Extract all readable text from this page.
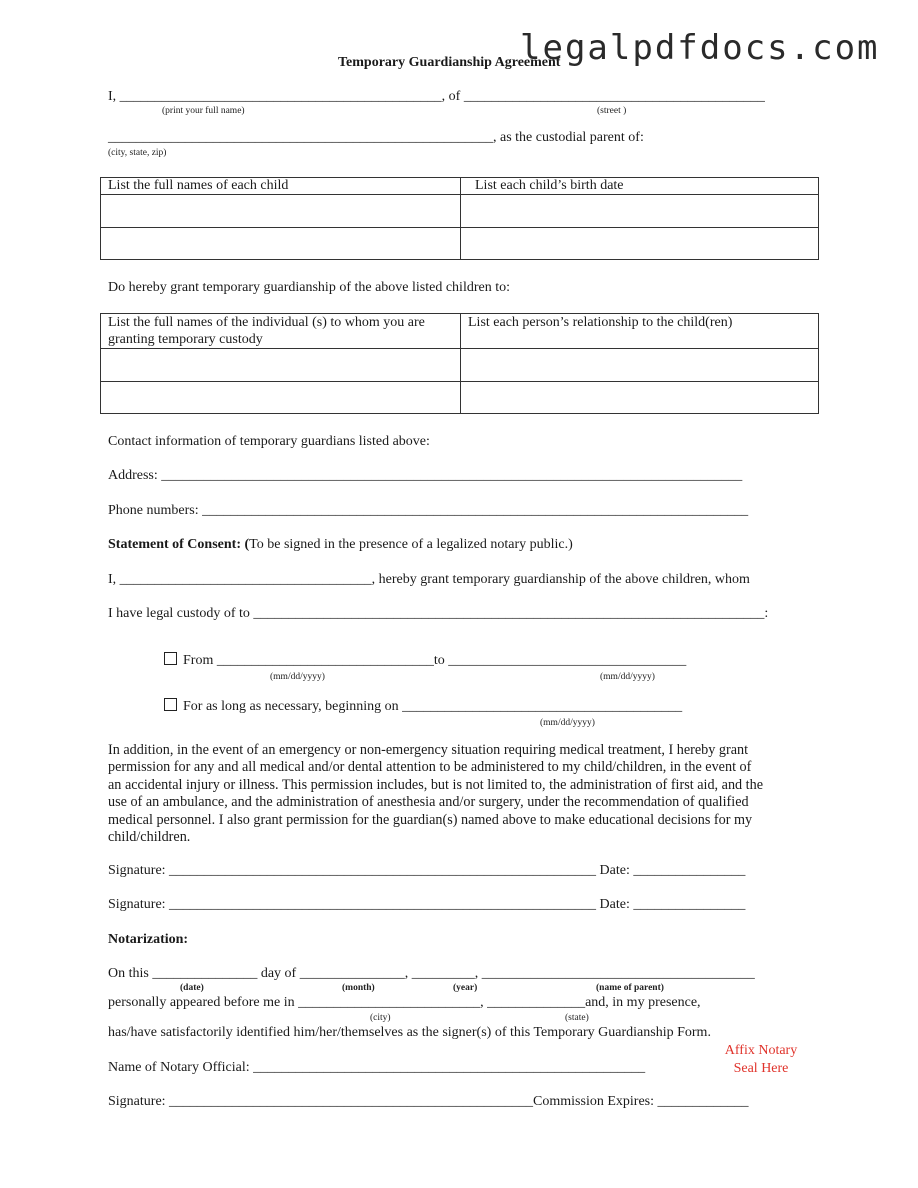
legalpdfdocs.com
Temporary Guardianship Agreement
I, ______________________________________________, of ___________________________________________
(print your full name)	(street )
_______________________________________________________, as the custodial parent of:
(city, state, zip)
List the full names of each child	List each child’s birth date

Do hereby grant temporary guardianship of the above listed children to:
List the full names of the individual (s) to whom you are
granting temporary custody	List each person’s relationship to the child(ren)

Contact information of temporary guardians listed above:
Address: ___________________________________________________________________________________
Phone numbers: ______________________________________________________________________________
Statement of Consent: (To be signed in the presence of a legalized notary public.)
I, ____________________________________, hereby grant temporary guardianship of the above children, whom
I have legal custody of to _________________________________________________________________________:
From _______________________________to __________________________________
(mm/dd/yyyy)	(mm/dd/yyyy)
For as long as necessary, beginning on ________________________________________
(mm/dd/yyyy)
In addition, in the event of an emergency or non-emergency situation requiring medical treatment, I hereby grant
permission for any and all medical and/or dental attention to be administered to my child/children, in the event of
an accidental injury or illness. This permission includes, but is not limited to, the administration of first aid, and the
use of an ambulance, and the administration of anesthesia and/or surgery, under the recommendation of qualified
medical personnel. I also grant permission for the guardian(s) named above to make educational decisions for my
child/children.
Signature: _____________________________________________________________ Date: ________________
Signature: _____________________________________________________________ Date: ________________
Notarization:
On this _______________ day of _______________, _________, _______________________________________
(date)	(month)	(year)	(name of parent)
personally appeared before me in __________________________, ______________and, in my presence,
(city)	(state)
has/have satisfactorily identified him/her/themselves as the signer(s) of this Temporary Guardianship Form.
Affix Notary
Seal Here
Name of Notary Official: ________________________________________________________
Signature: ____________________________________________________Commission Expires: _____________
